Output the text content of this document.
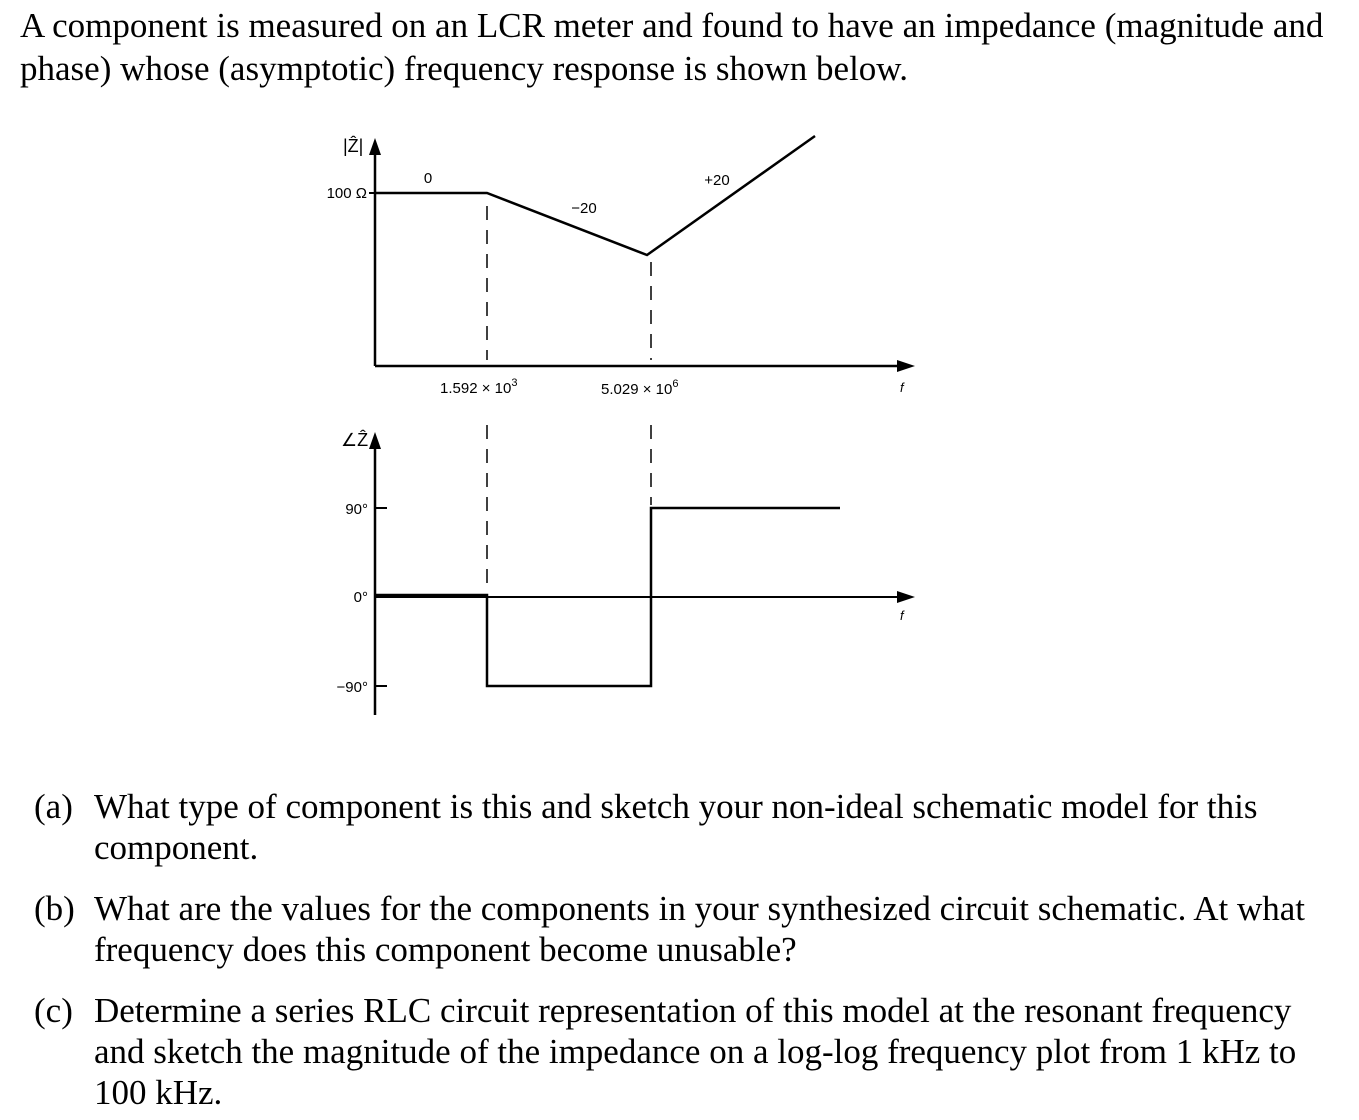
A component is measured on an LCR meter and found to have an impedance (magnitude and phase) whose (asymptotic) frequency response is shown below.
|Ẑ|
100 Ω
0
−20
+20
$1.592 \times 10^3$	$5.029 \times 10^6$	f
∠Ẑ
90°
0°
−90°
f
(a) What type of component is this and sketch your non-ideal schematic model for this component.
(b) What are the values for the components in your synthesized circuit schematic. At what frequency does this component become unusable?
(c) Determine a series RLC circuit representation of this model at the resonant frequency and sketch the magnitude of the impedance on a log-log frequency plot from 1 kHz to 100 kHz.
